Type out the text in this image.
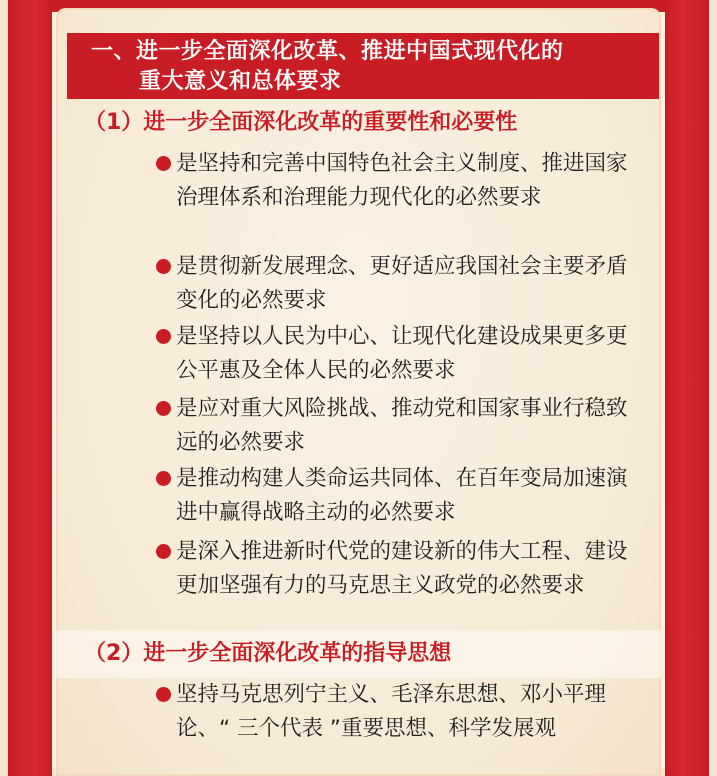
一、进一步全面深化改革、推进中国式现代化的
重大意义和总体要求
（1）进一步全面深化改革的重要性和必要性
是坚持和完善中国特色社会主义制度、推进国家治理体系和治理能力现代化的必然要求
是贯彻新发展理念、更好适应我国社会主要矛盾变化的必然要求
是坚持以人民为中心、让现代化建设成果更多更公平惠及全体人民的必然要求
是应对重大风险挑战、推动党和国家事业行稳致远的必然要求
是推动构建人类命运共同体、在百年变局加速演进中赢得战略主动的必然要求
是深入推进新时代党的建设新的伟大工程、建设更加坚强有力的马克思主义政党的必然要求
（2）进一步全面深化改革的指导思想
坚持马克思列宁主义、毛泽东思想、邓小平理论、“ 三个代表 ”重要思想、科学发展观
